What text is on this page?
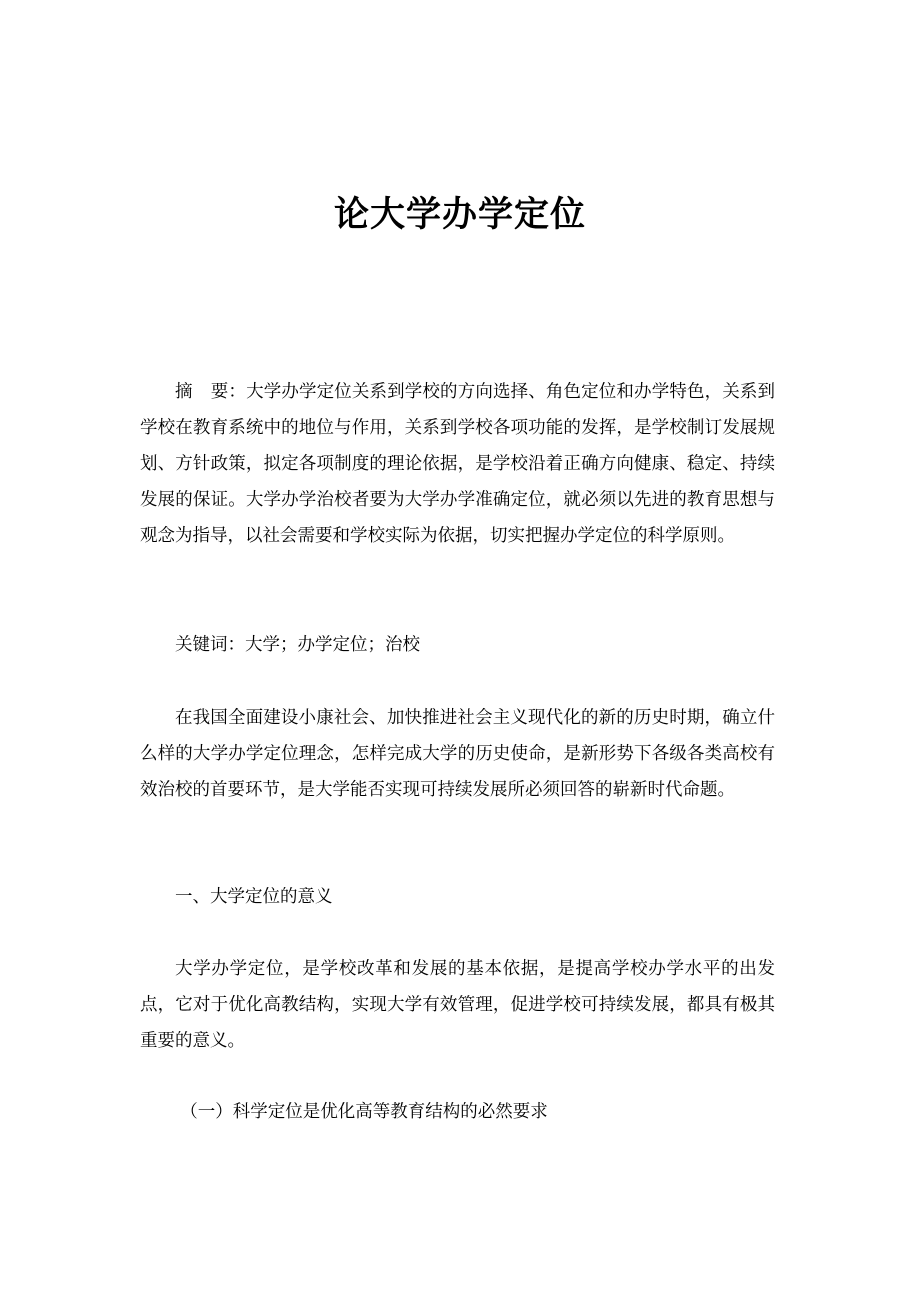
论大学办学定位

摘 要：大学办学定位关系到学校的方向选择、角色定位和办学特色，关系到学校在教育系统中的地位与作用，关系到学校各项功能的发挥，是学校制订发展规划、方针政策，拟定各项制度的理论依据，是学校沿着正确方向健康、稳定、持续发展的保证。大学办学治校者要为大学办学准确定位，就必须以先进的教育思想与观念为指导，以社会需要和学校实际为依据，切实把握办学定位的科学原则。

关键词：大学；办学定位；治校

在我国全面建设小康社会、加快推进社会主义现代化的新的历史时期，确立什么样的大学办学定位理念，怎样完成大学的历史使命，是新形势下各级各类高校有效治校的首要环节，是大学能否实现可持续发展所必须回答的崭新时代命题。

一、大学定位的意义

大学办学定位，是学校改革和发展的基本依据，是提高学校办学水平的出发点，它对于优化高教结构，实现大学有效管理，促进学校可持续发展，都具有极其重要的意义。

（一）科学定位是优化高等教育结构的必然要求
